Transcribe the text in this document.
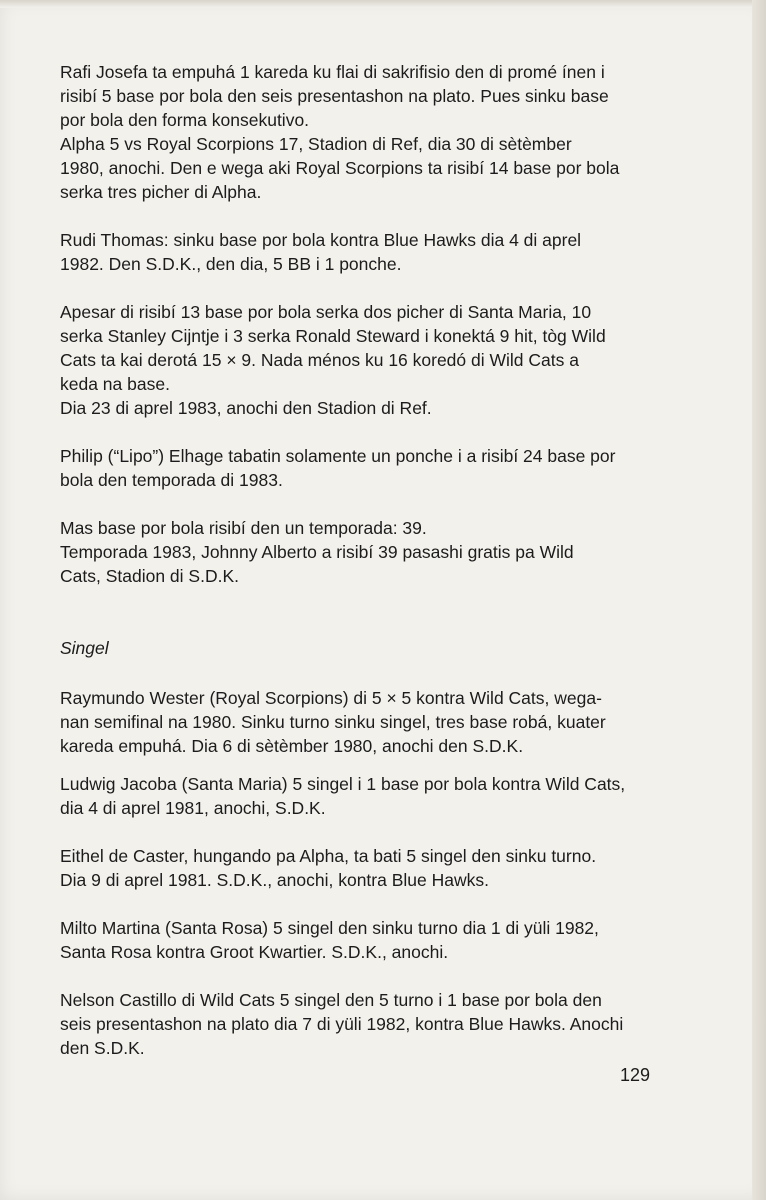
Rafi Josefa ta empuhá 1 kareda ku flai di sakrifisio den di promé ínen i
risibí 5 base por bola den seis presentashon na plato. Pues sinku base
por bola den forma konsekutivo.
Alpha 5 vs Royal Scorpions 17, Stadion di Ref, dia 30 di sètèmber
1980, anochi. Den e wega aki Royal Scorpions ta risibí 14 base por bola
serka tres picher di Alpha.
Rudi Thomas: sinku base por bola kontra Blue Hawks dia 4 di aprel
1982. Den S.D.K., den dia, 5 BB i 1 ponche.
Apesar di risibí 13 base por bola serka dos picher di Santa Maria, 10
serka Stanley Cijntje i 3 serka Ronald Steward i konektá 9 hit, tòg Wild
Cats ta kai derotá 15 × 9. Nada ménos ku 16 koredó di Wild Cats a
keda na base.
Dia 23 di aprel 1983, anochi den Stadion di Ref.
Philip (“Lipo”) Elhage tabatin solamente un ponche i a risibí 24 base por
bola den temporada di 1983.
Mas base por bola risibí den un temporada: 39.
Temporada 1983, Johnny Alberto a risibí 39 pasashi gratis pa Wild
Cats, Stadion di S.D.K.
Singel
Raymundo Wester (Royal Scorpions) di 5 × 5 kontra Wild Cats, wega-
nan semifinal na 1980. Sinku turno sinku singel, tres base robá, kuater
kareda empuhá. Dia 6 di sètèmber 1980, anochi den S.D.K.
Ludwig Jacoba (Santa Maria) 5 singel i 1 base por bola kontra Wild Cats,
dia 4 di aprel 1981, anochi, S.D.K.
Eithel de Caster, hungando pa Alpha, ta bati 5 singel den sinku turno.
Dia 9 di aprel 1981. S.D.K., anochi, kontra Blue Hawks.
Milto Martina (Santa Rosa) 5 singel den sinku turno dia 1 di yüli 1982,
Santa Rosa kontra Groot Kwartier. S.D.K., anochi.
Nelson Castillo di Wild Cats 5 singel den 5 turno i 1 base por bola den
seis presentashon na plato dia 7 di yüli 1982, kontra Blue Hawks. Anochi
den S.D.K.
129
